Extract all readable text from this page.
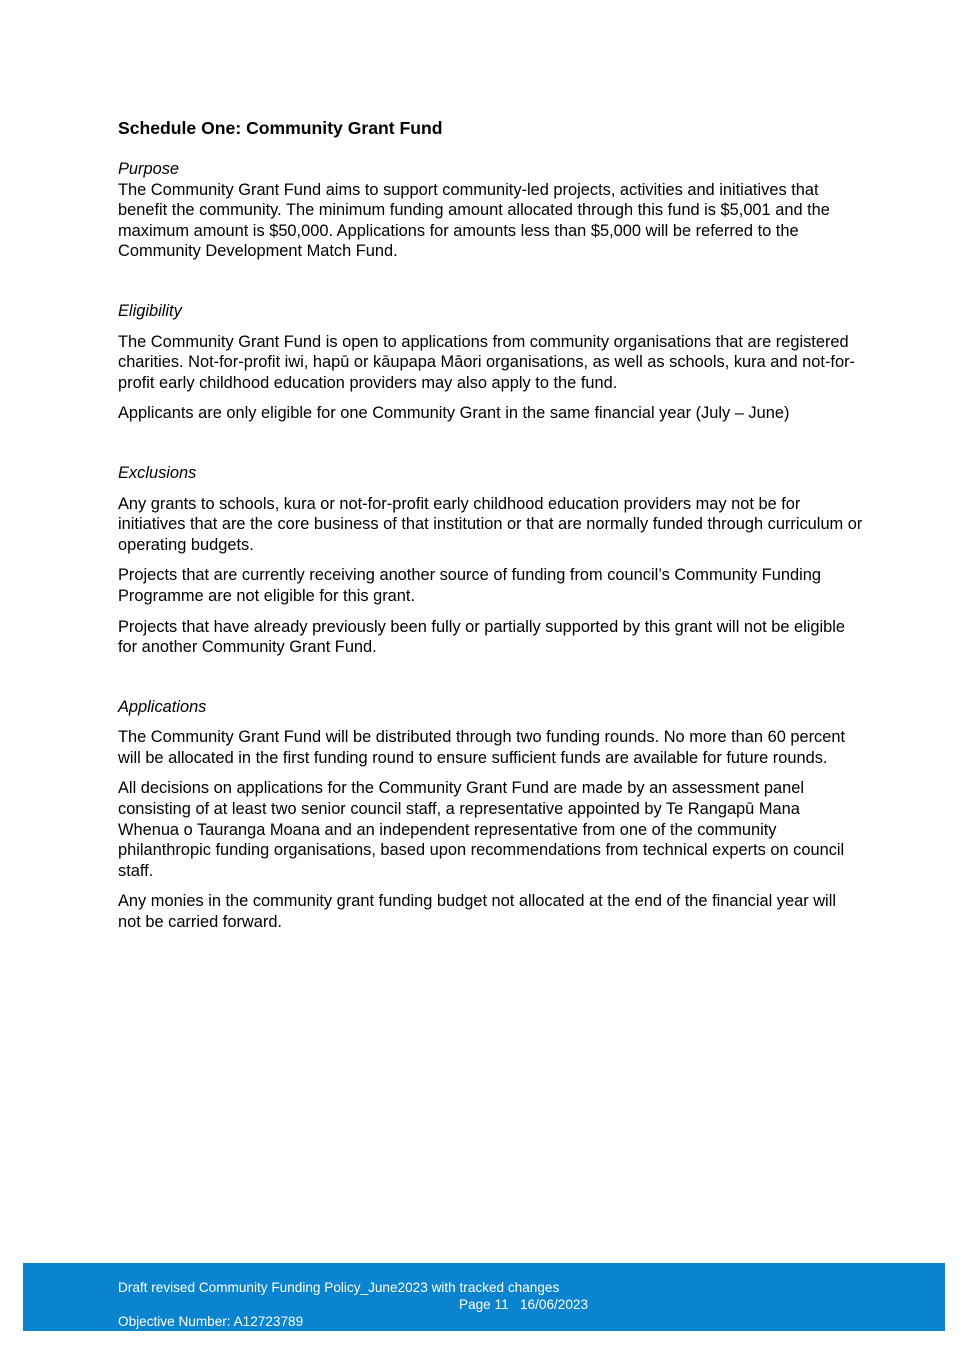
Schedule One: Community Grant Fund
Purpose

The Community Grant Fund aims to support community-led projects, activities and initiatives that benefit the community. The minimum funding amount allocated through this fund is $5,001 and the maximum amount is $50,000. Applications for amounts less than $5,000 will be referred to the Community Development Match Fund.

Eligibility

The Community Grant Fund is open to applications from community organisations that are registered charities. Not-for-profit iwi, hapū or kāupapa Māori organisations, as well as schools, kura and not-for-profit early childhood education providers may also apply to the fund.

Applicants are only eligible for one Community Grant in the same financial year (July – June)

Exclusions

Any grants to schools, kura or not-for-profit early childhood education providers may not be for initiatives that are the core business of that institution or that are normally funded through curriculum or operating budgets.

Projects that are currently receiving another source of funding from council’s Community Funding Programme are not eligible for this grant.

Projects that have already previously been fully or partially supported by this grant will not be eligible for another Community Grant Fund.

Applications

The Community Grant Fund will be distributed through two funding rounds. No more than 60 percent will be allocated in the first funding round to ensure sufficient funds are available for future rounds.

All decisions on applications for the Community Grant Fund are made by an assessment panel consisting of at least two senior council staff, a representative appointed by Te Rangapū Mana Whenua o Tauranga Moana and an independent representative from one of the community philanthropic funding organisations, based upon recommendations from technical experts on council staff.

Any monies in the community grant funding budget not allocated at the end of the financial year will not be carried forward.

Draft revised Community Funding Policy_June2023 with tracked changes
Page 11 16/06/2023
Objective Number: A12723789
